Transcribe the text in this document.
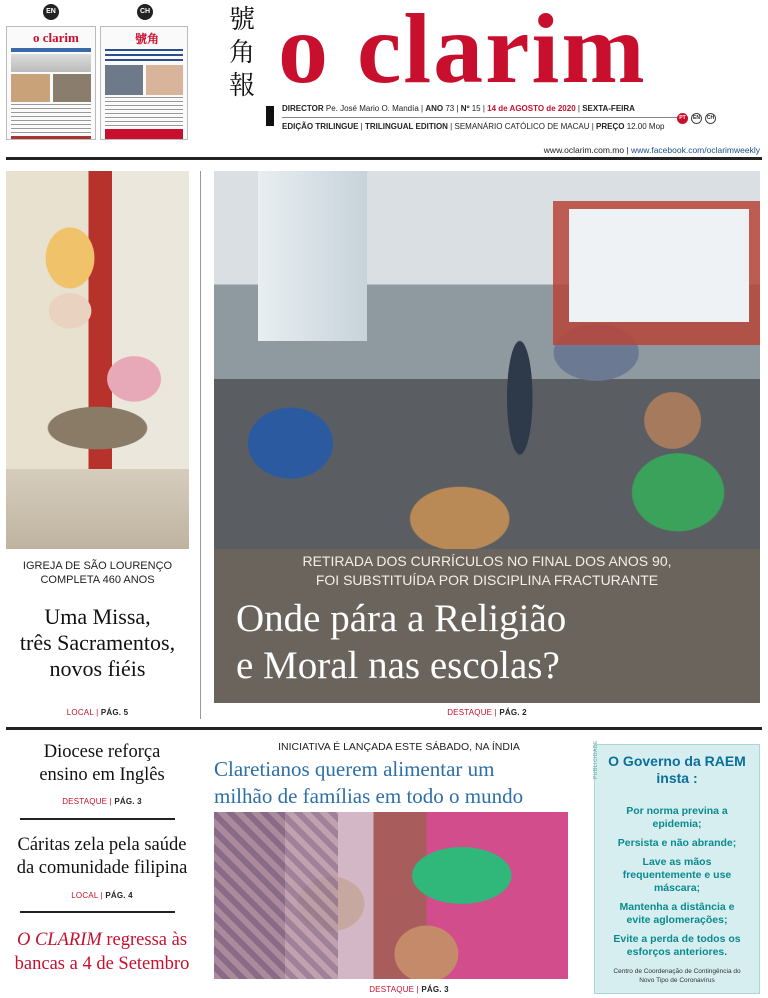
EN
o clarim
CH
號角
號
角
報 o clarim
DIRECTOR Pe. José Mario O. Mandía | ANO 73 | Nº 15 | 14 de AGOSTO de 2020 | SEXTA-FEIRA
EDIÇÃO TRILINGUE | TRILINGUAL EDITION | SEMANÁRIO CATÓLICO DE MACAU | PREÇO 12.00 Mop
PT	EN	CH
www.oclarim.com.mo | www.facebook.com/oclarimweekly
IGREJA DE SÃO LOURENÇO
COMPLETA 460 ANOS
Uma Missa,
três Sacramentos,
novos fiéis
LOCAL | PÁG. 5
RETIRADA DOS CURRÍCULOS NO FINAL DOS ANOS 90,
FOI SUBSTITUÍDA POR DISCIPLINA FRACTURANTE
Onde pára a Religião
e Moral nas escolas?
DESTAQUE | PÁG. 2
Diocese reforça
ensino em Inglês
DESTAQUE | PÁG. 3
Cáritas zela pela saúde
da comunidade filipina
LOCAL | PÁG. 4
O CLARIM regressa às
bancas a 4 de Setembro
INICIATIVA É LANÇADA ESTE SÁBADO, NA ÍNDIA
Claretianos querem alimentar um
milhão de famílias em todo o mundo
DESTAQUE | PÁG. 3
PUBLICIDADE O Governo da RAEM
insta :
Por norma previna a
epidemia;
Persista e não abrande;
Lave as mãos
frequentemente e use
máscara;
Mantenha a distância e
evite aglomerações;
Evite a perda de todos os
esforços anteriores.
Centro de Coordenação de Contingência do
Novo Tipo de Coronavírus
